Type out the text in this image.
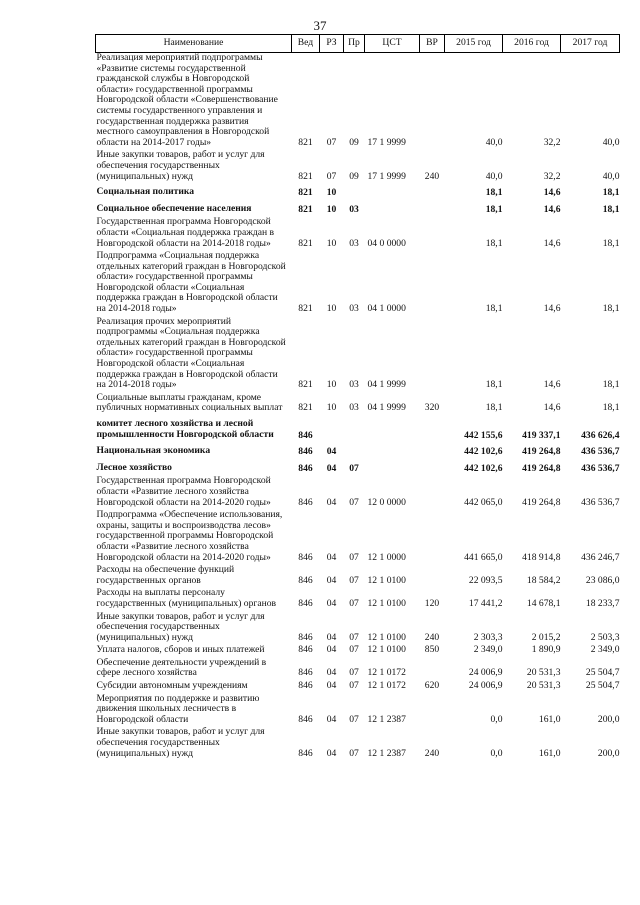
37
Наименование	Вед	РЗ	Пр	ЦСТ	ВР	2015 год	2016 год	2017 год
Реализация мероприятий подпрограммы «Развитие системы государственной гражданской службы в Новгородской области» государственной программы Новгородской области «Совершенствование системы государственного управления и государственная поддержка развития местного самоуправления в Новгородской области на 2014-2017 годы»	821	07	09	17 1 9999		40,0	32,2	40,0
Иные закупки товаров, работ и услуг для обеспечения государственных (муниципальных) нужд	821	07	09	17 1 9999	240	40,0	32,2	40,0
Социальная политика	821	10				18,1	14,6	18,1
Социальное обеспечение населения	821	10	03			18,1	14,6	18,1
Государственная программа Новгородской области «Социальная поддержка граждан в Новгородской области на 2014-2018 годы»	821	10	03	04 0 0000		18,1	14,6	18,1
Подпрограмма «Социальная поддержка отдельных категорий граждан в Новгородской области» государственной программы Новгородской области «Социальная поддержка граждан в Новгородской области на 2014-2018 годы»	821	10	03	04 1 0000		18,1	14,6	18,1
Реализация прочих мероприятий подпрограммы «Социальная поддержка отдельных категорий граждан в Новгородской области» государственной программы Новгородской области «Социальная поддержка граждан в Новгородской области на 2014-2018 годы»	821	10	03	04 1 9999		18,1	14,6	18,1
Социальные выплаты гражданам, кроме публичных нормативных социальных выплат	821	10	03	04 1 9999	320	18,1	14,6	18,1
комитет лесного хозяйства и лесной промышленности Новгородской области	846					442 155,6	419 337,1	436 626,4
Национальная экономика	846	04				442 102,6	419 264,8	436 536,7
Лесное хозяйство	846	04	07			442 102,6	419 264,8	436 536,7
Государственная программа Новгородской области «Развитие лесного хозяйства Новгородской области на 2014-2020 годы»	846	04	07	12 0 0000		442 065,0	419 264,8	436 536,7
Подпрограмма «Обеспечение использования, охраны, защиты и воспроизводства лесов» государственной программы Новгородской области «Развитие лесного хозяйства Новгородской области на 2014-2020 годы»	846	04	07	12 1 0000		441 665,0	418 914,8	436 246,7
Расходы на обеспечение функций государственных органов	846	04	07	12 1 0100		22 093,5	18 584,2	23 086,0
Расходы на выплаты персоналу государственных (муниципальных) органов	846	04	07	12 1 0100	120	17 441,2	14 678,1	18 233,7
Иные закупки товаров, работ и услуг для обеспечения государственных (муниципальных) нужд	846	04	07	12 1 0100	240	2 303,3	2 015,2	2 503,3
Уплата налогов, сборов и иных платежей	846	04	07	12 1 0100	850	2 349,0	1 890,9	2 349,0
Обеспечение деятельности учреждений в сфере лесного хозяйства	846	04	07	12 1 0172		24 006,9	20 531,3	25 504,7
Субсидии автономным учреждениям	846	04	07	12 1 0172	620	24 006,9	20 531,3	25 504,7
Мероприятия по поддержке и развитию движения школьных лесничеств в Новгородской области	846	04	07	12 1 2387		0,0	161,0	200,0
Иные закупки товаров, работ и услуг для обеспечения государственных (муниципальных) нужд	846	04	07	12 1 2387	240	0,0	161,0	200,0
